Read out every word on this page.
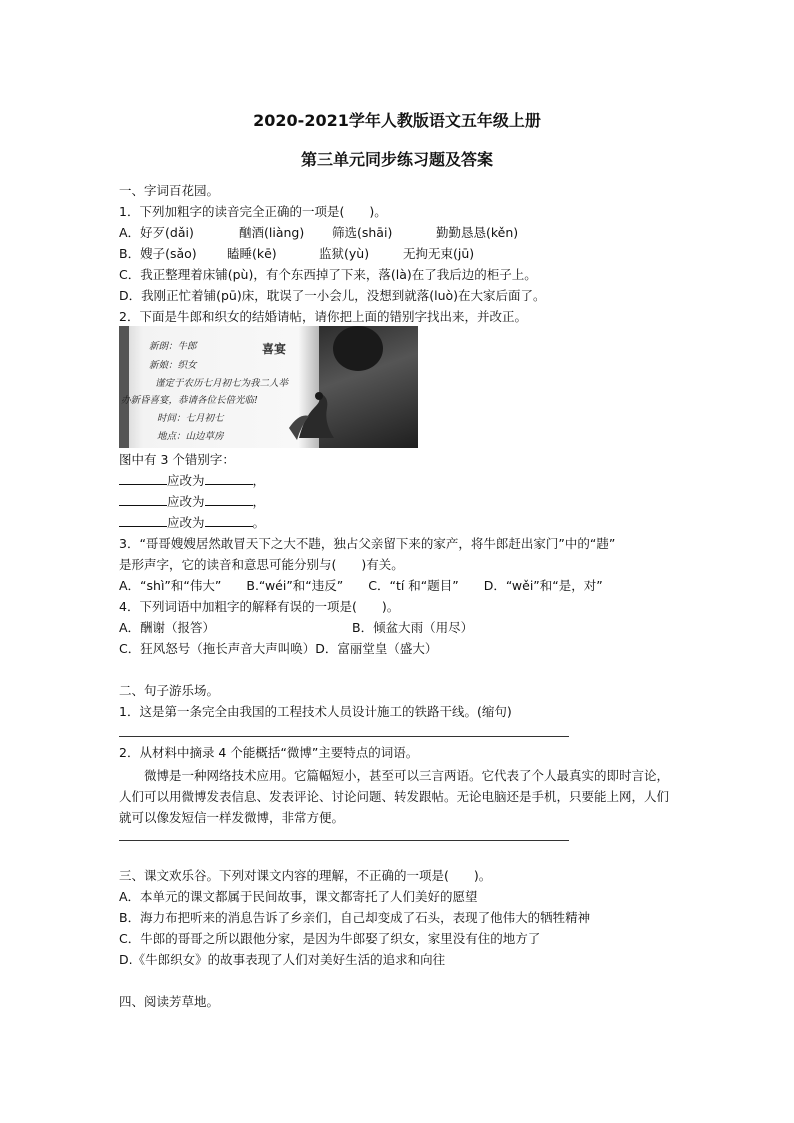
2020-2021学年人教版语文五年级上册
第三单元同步练习题及答案
一、字词百花园。
1．下列加粗字的读音完全正确的一项是(　　)。
A．好歹(dǎi)	酗酒(liàng) 筛选(shāi)	勤勤恳恳(kěn)
B．嫂子(sǎo) 瞌睡(kē)	监狱(yù)	无拘无束(jū)
C．我正整理着床铺(pù)，有个东西掉了下来，落(là)在了我后边的柜子上。
D．我刚正忙着铺(pū)床，耽误了一小会儿，没想到就落(luò)在大家后面了。
2．下面是牛郎和织女的结婚请帖，请你把上面的错别字找出来，并改正。
喜宴
新朗：牛郎
新娘：织女
谨定于农历七月初七为我二人举
办新昏喜宴，恭请各位长倍光临!
时间：七月初七
地点：山边草房
图中有 3 个错别字：
应改为	，
应改为	，
应改为	。
3．“哥哥嫂嫂居然敢冒天下之大不韪，独占父亲留下来的家产，将牛郎赶出家门”中的“韪”
是形声字，它的读音和意思可能分别与(　　)有关。
A．“shì”和“伟大”　　B.“wéi”和“违反”　　C．“tí 和“题目”　　D．“wěi”和“是，对”
4．下列词语中加粗字的解释有误的一项是(　　)。
A．酬谢（报答）	B．倾盆大雨（用尽）
C．狂风怒号（拖长声音大声叫唤）D．富丽堂皇（盛大）
二、句子游乐场。
1．这是第一条完全由我国的工程技术人员设计施工的铁路干线。(缩句)
2．从材料中摘录 4 个能概括“微博”主要特点的词语。
微博是一种网络技术应用。它篇幅短小，甚至可以三言两语。它代表了个人最真实的即时言论，人们可以用微博发表信息、发表评论、讨论问题、转发跟帖。无论电脑还是手机，只要能上网，人们就可以像发短信一样发微博，非常方便。
三、课文欢乐谷。下列对课文内容的理解，不正确的一项是(　　)。
A．本单元的课文都属于民间故事，课文都寄托了人们美好的愿望
B．海力布把听来的消息告诉了乡亲们，自己却变成了石头，表现了他伟大的牺牲精神
C．牛郎的哥哥之所以跟他分家，是因为牛郎娶了织女，家里没有住的地方了
D.《牛郎织女》的故事表现了人们对美好生活的追求和向往
四、阅读芳草地。
